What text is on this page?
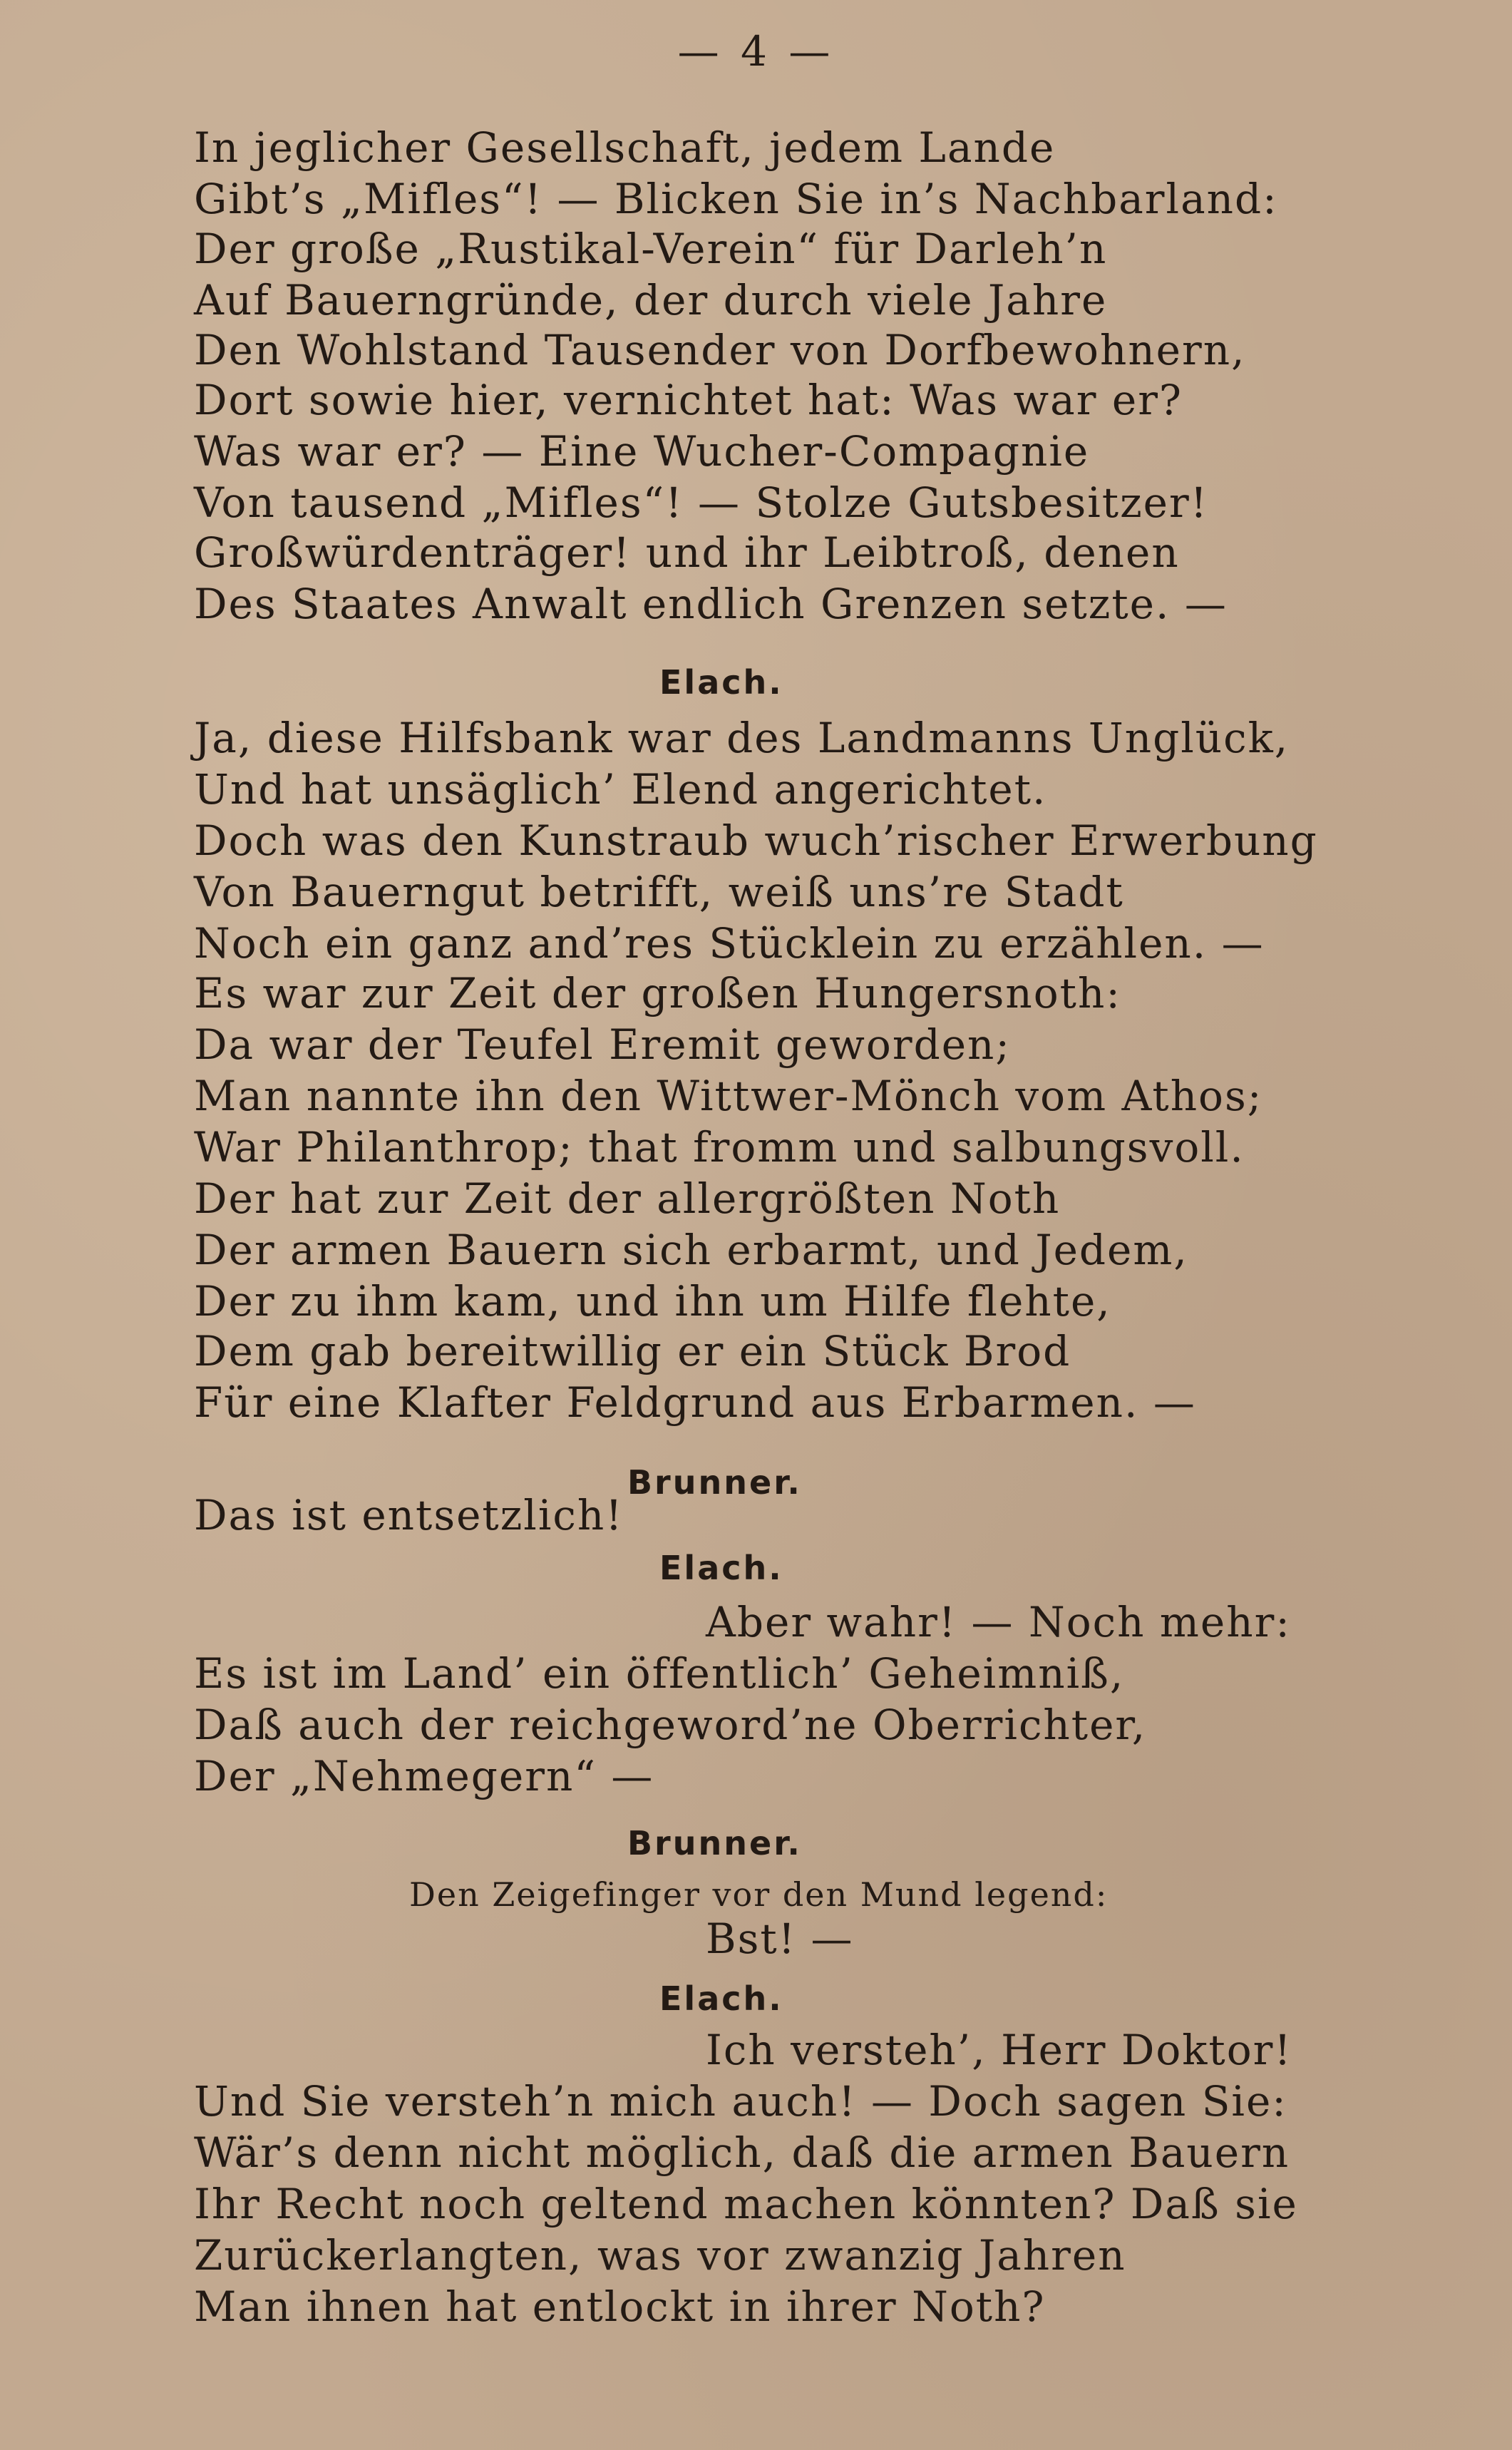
— 4 —
In jeglicher Gesellschaft, jedem Lande
Gibt’s „Mifles“! — Blicken Sie in’s Nachbarland:
Der große „Rustikal-Verein“ für Darleh’n
Auf Bauerngründe, der durch viele Jahre
Den Wohlstand Tausender von Dorfbewohnern,
Dort sowie hier, vernichtet hat: Was war er?
Was war er? — Eine Wucher-Compagnie
Von tausend „Mifles“! — Stolze Gutsbesitzer!
Großwürdenträger! und ihr Leibtroß, denen
Des Staates Anwalt endlich Grenzen setzte. —
Elach.
Ja, diese Hilfsbank war des Landmanns Unglück,
Und hat unsäglich’ Elend angerichtet.
Doch was den Kunstraub wuch’rischer Erwerbung
Von Bauerngut betrifft, weiß uns’re Stadt
Noch ein ganz and’res Stücklein zu erzählen. —
Es war zur Zeit der großen Hungersnoth:
Da war der Teufel Eremit geworden;
Man nannte ihn den Wittwer-Mönch vom Athos;
War Philanthrop; that fromm und salbungsvoll.
Der hat zur Zeit der allergrößten Noth
Der armen Bauern sich erbarmt, und Jedem,
Der zu ihm kam, und ihn um Hilfe flehte,
Dem gab bereitwillig er ein Stück Brod
Für eine Klafter Feldgrund aus Erbarmen. —
Brunner.
Das ist entsetzlich!
Elach.
Aber wahr! — Noch mehr:
Es ist im Land’ ein öffentlich’ Geheimniß,
Daß auch der reichgeword’ne Oberrichter,
Der „Nehmegern“ —
Brunner.
Den Zeigefinger vor den Mund legend:
Bst! —
Elach.
Ich versteh’, Herr Doktor!
Und Sie versteh’n mich auch! — Doch sagen Sie:
Wär’s denn nicht möglich, daß die armen Bauern
Ihr Recht noch geltend machen könnten? Daß sie
Zurückerlangten, was vor zwanzig Jahren
Man ihnen hat entlockt in ihrer Noth?
